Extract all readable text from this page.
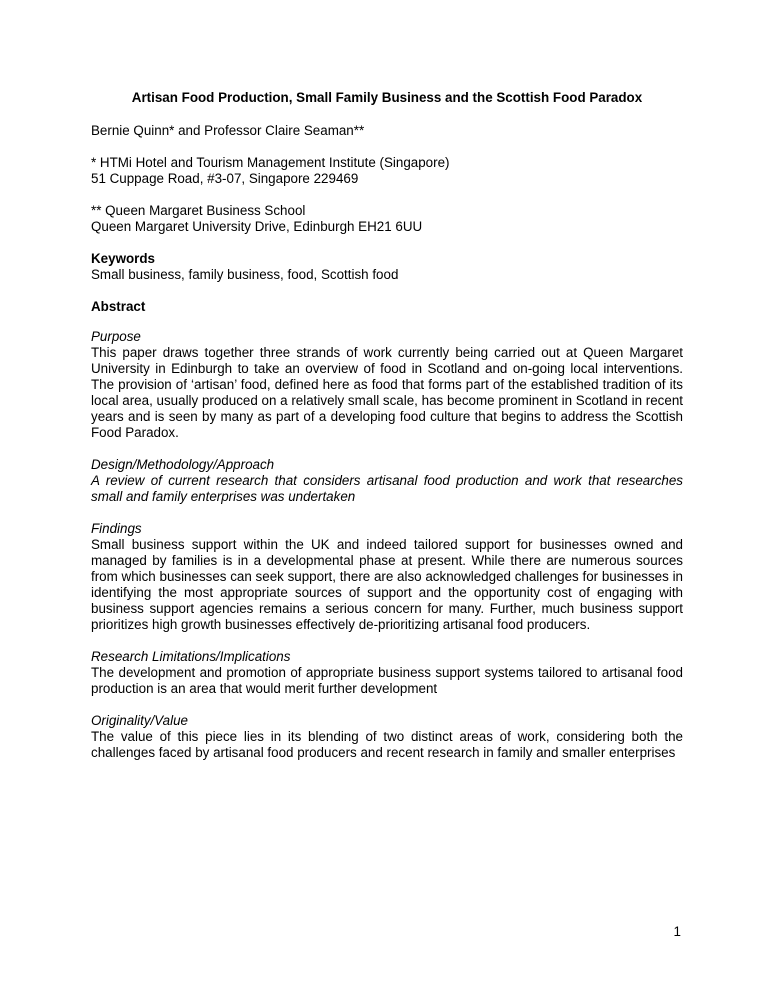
Artisan Food Production, Small Family Business and the Scottish Food Paradox

Bernie Quinn* and Professor Claire Seaman**

* HTMi Hotel and Tourism Management Institute (Singapore)

51 Cuppage Road, #3-07, Singapore 229469

** Queen Margaret Business School

Queen Margaret University Drive, Edinburgh EH21 6UU

Keywords

Small business, family business, food, Scottish food

Abstract

Purpose

This paper draws together three strands of work currently being carried out at Queen Margaret University in Edinburgh to take an overview of food in Scotland and on-going local interventions. The provision of ‘artisan’ food, defined here as food that forms part of the established tradition of its local area, usually produced on a relatively small scale, has become prominent in Scotland in recent years and is seen by many as part of a developing food culture that begins to address the Scottish Food Paradox.

Design/Methodology/Approach

A review of current research that considers artisanal food production and work that researches small and family enterprises was undertaken

Findings

Small business support within the UK and indeed tailored support for businesses owned and managed by families is in a developmental phase at present. While there are numerous sources from which businesses can seek support, there are also acknowledged challenges for businesses in identifying the most appropriate sources of support and the opportunity cost of engaging with business support agencies remains a serious concern for many. Further, much business support prioritizes high growth businesses effectively de-prioritizing artisanal food producers.

Research Limitations/Implications

The development and promotion of appropriate business support systems tailored to artisanal food production is an area that would merit further development

Originality/Value

The value of this piece lies in its blending of two distinct areas of work, considering both the challenges faced by artisanal food producers and recent research in family and smaller enterprises

1
